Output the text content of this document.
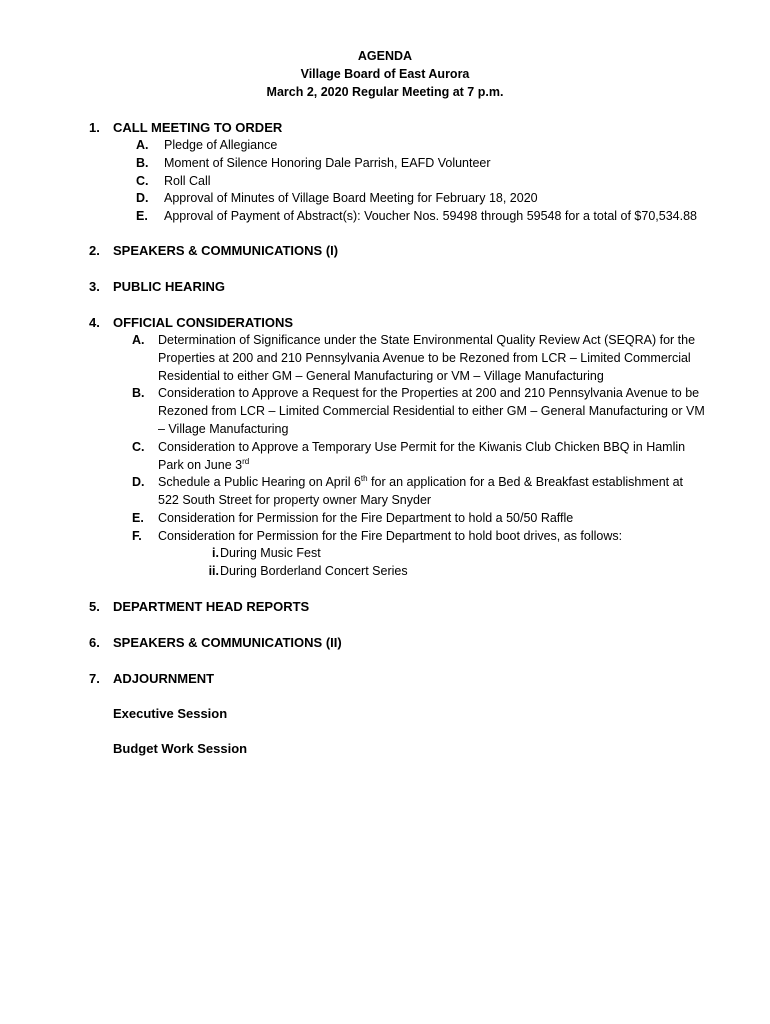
AGENDA
Village Board of East Aurora
March 2, 2020 Regular Meeting at 7 p.m.
1. CALL MEETING TO ORDER
A.	Pledge of Allegiance
B.	Moment of Silence Honoring Dale Parrish, EAFD Volunteer
C.	Roll Call
D.	Approval of Minutes of Village Board Meeting for February 18, 2020
E.	Approval of Payment of Abstract(s): Voucher Nos. 59498 through 59548 for a total of $70,534.88
2. SPEAKERS & COMMUNICATIONS (I)
3. PUBLIC HEARING
4. OFFICIAL CONSIDERATIONS
A.	Determination of Significance under the State Environmental Quality Review Act (SEQRA) for the Properties at 200 and 210 Pennsylvania Avenue to be Rezoned from LCR – Limited Commercial Residential to either GM – General Manufacturing or VM – Village Manufacturing
B.	Consideration to Approve a Request for the Properties at 200 and 210 Pennsylvania Avenue to be Rezoned from LCR – Limited Commercial Residential to either GM – General Manufacturing or VM – Village Manufacturing
C.	Consideration to Approve a Temporary Use Permit for the Kiwanis Club Chicken BBQ in Hamlin Park on June 3rd
D.	Schedule a Public Hearing on April 6th for an application for a Bed & Breakfast establishment at 522 South Street for property owner Mary Snyder
E.	Consideration for Permission for the Fire Department to hold a 50/50 Raffle
F.	Consideration for Permission for the Fire Department to hold boot drives, as follows:
i. During Music Fest
ii. During Borderland Concert Series
5. DEPARTMENT HEAD REPORTS
6. SPEAKERS & COMMUNICATIONS (II)
7. ADJOURNMENT
Executive Session
Budget Work Session
